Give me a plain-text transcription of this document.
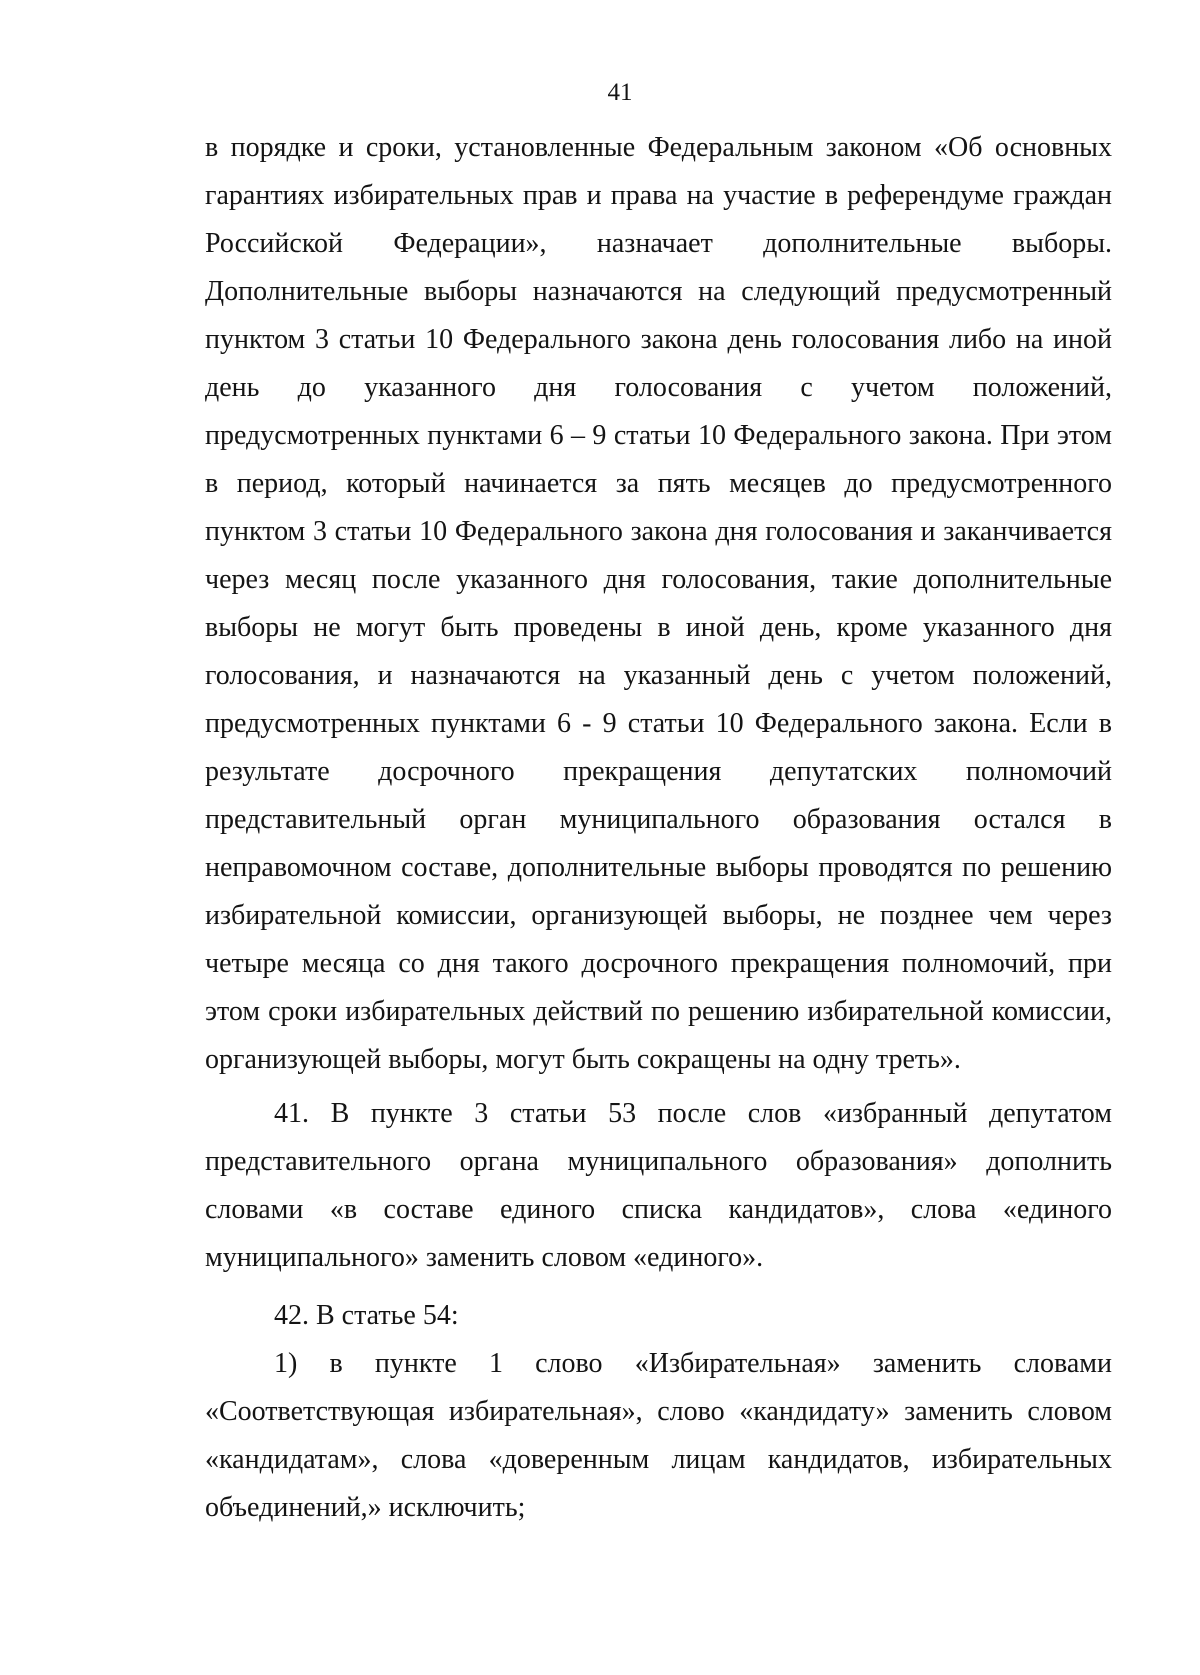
41

в порядке и сроки, установленные Федеральным законом «Об основных гарантиях избирательных прав и права на участие в референдуме граждан Российской Федерации», назначает дополнительные выборы. Дополнительные выборы назначаются на следующий предусмотренный пунктом 3 статьи 10 Федерального закона день голосования либо на иной день до указанного дня голосования с учетом положений, предусмотренных пунктами 6 – 9 статьи 10 Федерального закона. При этом в период, который начинается за пять месяцев до предусмотренного пунктом 3 статьи 10 Федерального закона дня голосования и заканчивается через месяц после указанного дня голосования, такие дополнительные выборы не могут быть проведены в иной день, кроме указанного дня голосования, и назначаются на указанный день с учетом положений, предусмотренных пунктами 6 - 9 статьи 10 Федерального закона. Если в результате досрочного прекращения депутатских полномочий представительный орган муниципального образования остался в неправомочном составе, дополнительные выборы проводятся по решению избирательной комиссии, организующей выборы, не позднее чем через четыре месяца со дня такого досрочного прекращения полномочий, при этом сроки избирательных действий по решению избирательной комиссии, организующей выборы, могут быть сокращены на одну треть».

41. В пункте 3 статьи 53 после слов «избранный депутатом представительного органа муниципального образования» дополнить словами «в составе единого списка кандидатов», слова «единого муниципального» заменить словом «единого».

42. В статье 54:

1) в пункте 1 слово «Избирательная» заменить словами «Соответствующая избирательная», слово «кандидату» заменить словом «кандидатам», слова «доверенным лицам кандидатов, избирательных объединений,» исключить;
